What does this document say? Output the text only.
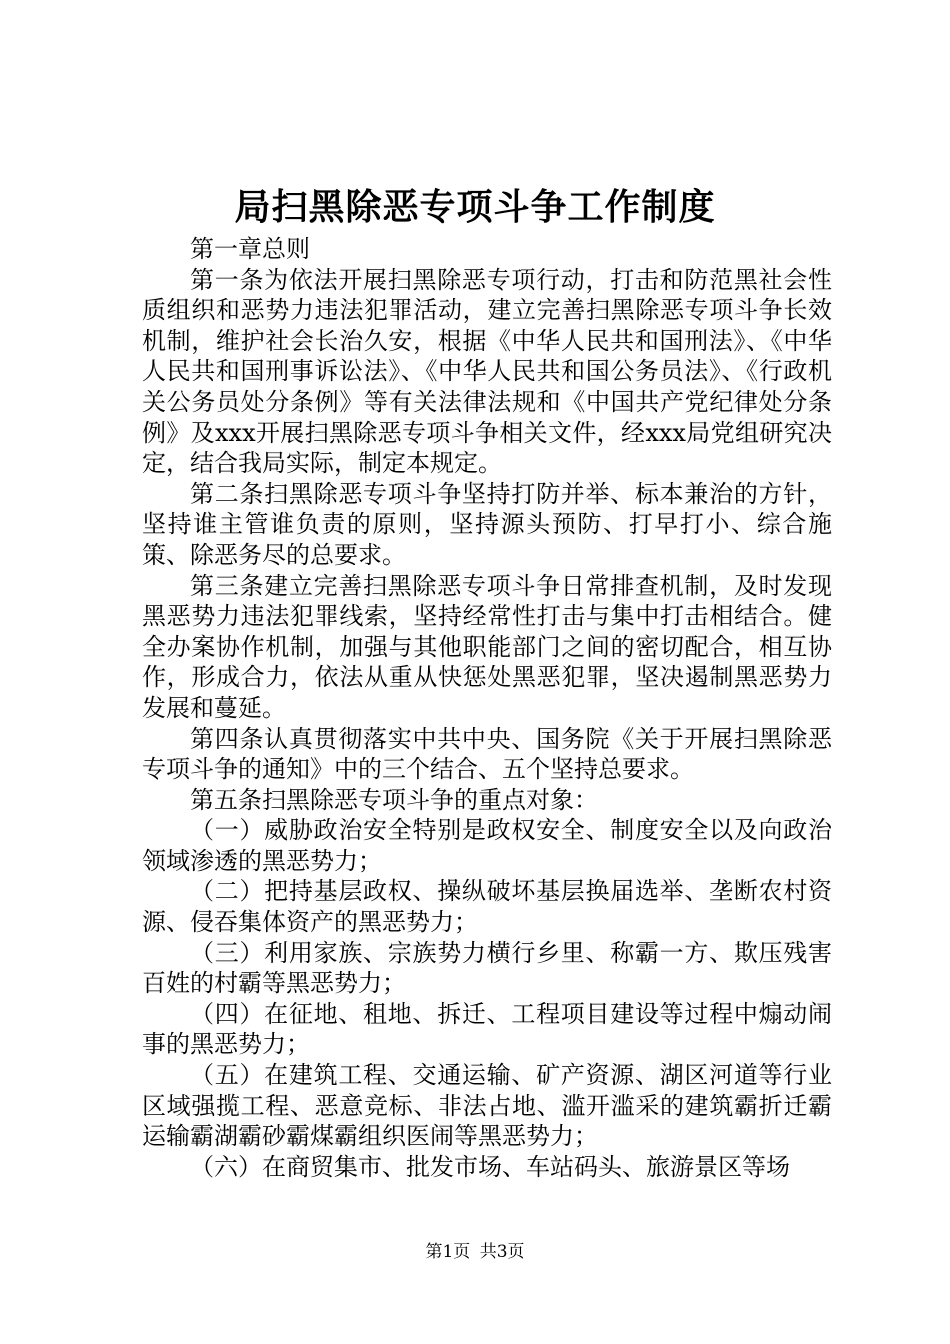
局扫黑除恶专项斗争工作制度

第一章总则

第一条为依法开展扫黑除恶专项行动，打击和防范黑社会性质组织和恶势力违法犯罪活动，建立完善扫黑除恶专项斗争长效机制，维护社会长治久安，根据《中华人民共和国刑法》、《中华人民共和国刑事诉讼法》、《中华人民共和国公务员法》、《行政机关公务员处分条例》等有关法律法规和《中国共产党纪律处分条例》及xxx开展扫黑除恶专项斗争相关文件，经xxx局党组研究决定，结合我局实际，制定本规定。

第二条扫黑除恶专项斗争坚持打防并举、标本兼治的方针，坚持谁主管谁负责的原则，坚持源头预防、打早打小、综合施策、除恶务尽的总要求。

第三条建立完善扫黑除恶专项斗争日常排查机制，及时发现黑恶势力违法犯罪线索，坚持经常性打击与集中打击相结合。健全办案协作机制，加强与其他职能部门之间的密切配合，相互协作，形成合力，依法从重从快惩处黑恶犯罪，坚决遏制黑恶势力发展和蔓延。

第四条认真贯彻落实中共中央、国务院《关于开展扫黑除恶专项斗争的通知》中的三个结合、五个坚持总要求。

第五条扫黑除恶专项斗争的重点对象：

（一）威胁政治安全特别是政权安全、制度安全以及向政治领域渗透的黑恶势力；

（二）把持基层政权、操纵破坏基层换届选举、垄断农村资源、侵吞集体资产的黑恶势力；

（三）利用家族、宗族势力横行乡里、称霸一方、欺压残害百姓的村霸等黑恶势力；

（四）在征地、租地、拆迁、工程项目建设等过程中煽动闹事的黑恶势力；

（五）在建筑工程、交通运输、矿产资源、湖区河道等行业区域强揽工程、恶意竞标、非法占地、滥开滥采的建筑霸折迁霸运输霸湖霸砂霸煤霸组织医闹等黑恶势力；

（六）在商贸集市、批发市场、车站码头、旅游景区等场

第1页 共3页
